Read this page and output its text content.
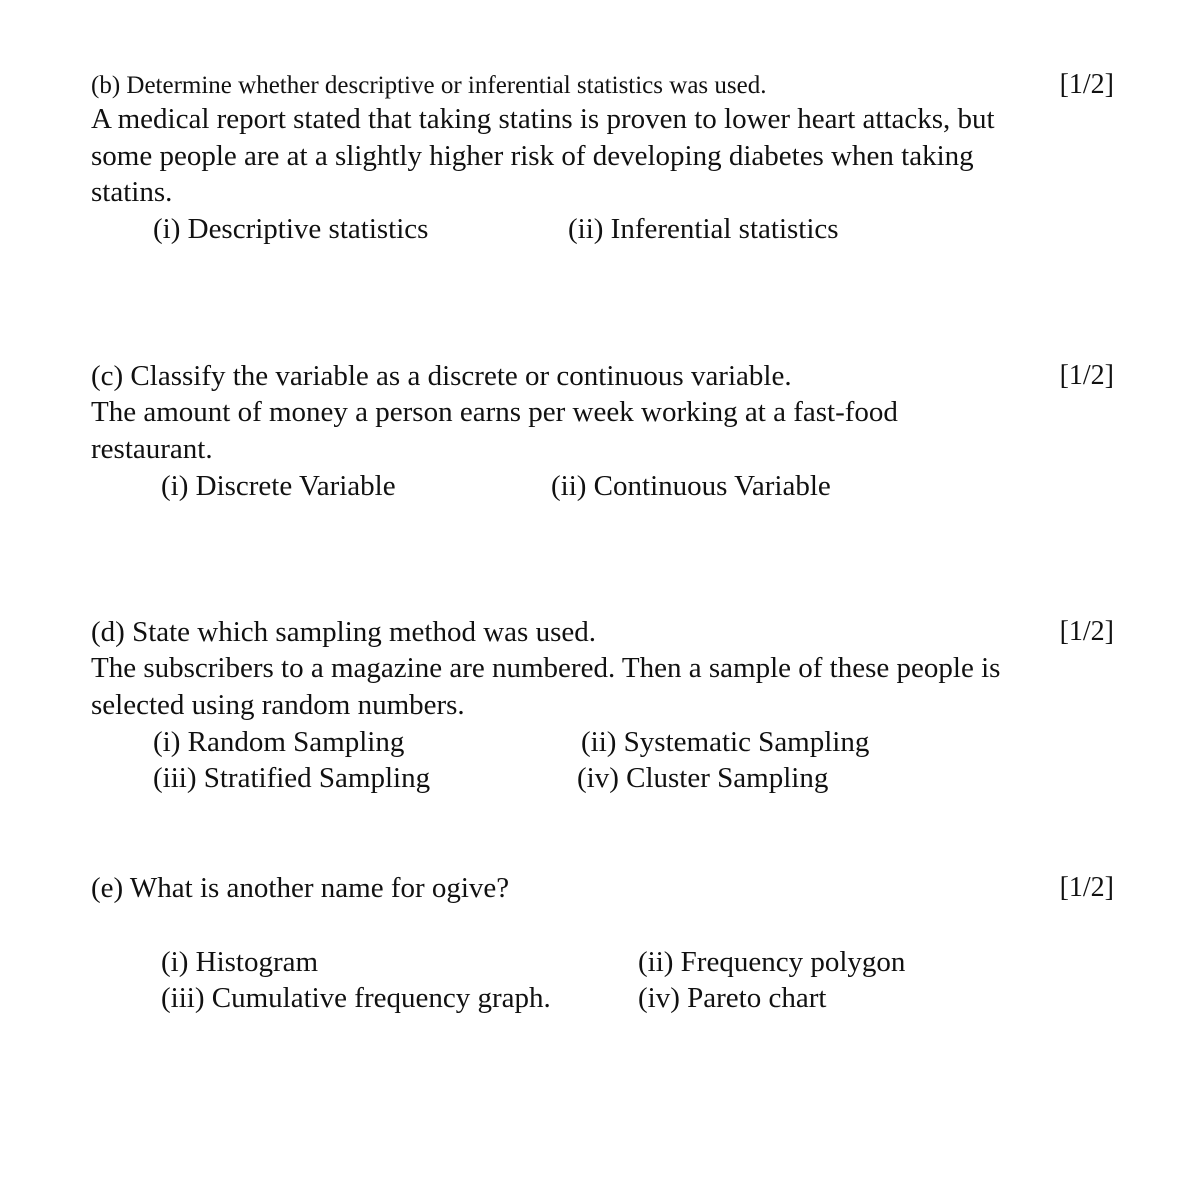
(b) Determine whether descriptive or inferential statistics was used.	[1/2]
A medical report stated that taking statins is proven to lower heart attacks, but
some people are at a slightly higher risk of developing diabetes when taking
statins.
(i) Descriptive statistics	(ii) Inferential statistics
(c) Classify the variable as a discrete or continuous variable.	[1/2]
The amount of money a person earns per week working at a fast-food
restaurant.
(i) Discrete Variable	(ii) Continuous Variable
(d) State which sampling method was used.	[1/2]
The subscribers to a magazine are numbered. Then a sample of these people is
selected using random numbers.
(i) Random Sampling	(ii) Systematic Sampling
(iii) Stratified Sampling	(iv) Cluster Sampling
(e) What is another name for ogive?	[1/2]
(i) Histogram	(ii) Frequency polygon
(iii) Cumulative frequency graph.	(iv) Pareto chart
